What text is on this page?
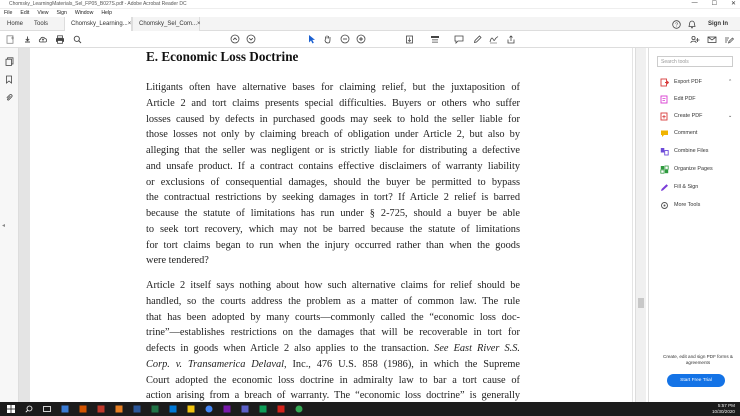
Chomsky_LearningMaterials_Sel_FP05_B027S.pdf - Adobe Acrobat Reader DC	— ☐ ✕
File Edit View Sign Window Help
Home Tools	Chomsky_Learning... × Chomsky_Sel_Com... ×	?	Sign In

◂
E. Economic Loss Doctrine
Litigants often have alternative bases for claiming relief, but the juxtaposition of
Article 2 and tort claims presents special difficulties. Buyers or others who suffer
losses caused by defects in purchased goods may seek to hold the seller liable for
those losses not only by claiming breach of obligation under Article 2, but also by
alleging that the seller was negligent or is strictly liable for distributing a defective
and unsafe product. If a contract contains effective disclaimers of warranty liability
or exclusions of consequential damages, should the buyer be permitted to bypass
the contractual restrictions by seeking damages in tort? If Article 2 relief is barred
because the statute of limitations has run under § 2-725, should a buyer be able
to seek tort recovery, which may not be barred because the statute of limitations
for tort claims began to run when the injury occurred rather than when the goods
were tendered?
Article 2 itself says nothing about how such alternative claims for relief should be
handled, so the courts address the problem as a matter of common law. The rule
that has been adopted by many courts—commonly called the “economic loss doc-
trine”—establishes restrictions on the damages that will be recoverable in tort for
defects in goods when Article 2 also applies to the transaction. See East River S.S.
Corp. v. Transamerica Delaval, Inc., 476 U.S. 858 (1986), in which the Supreme
Court adopted the economic loss doctrine in admiralty law to bar a tort cause of
action arising from a breach of warranty. The “economic loss doctrine” is generally
Search tools
Export PDF	⌃
Edit PDF
Create PDF	⌄
Comment
Combine Files
Organize Pages
Fill & Sign
More Tools
Create, edit and sign PDF forms & agreements
Start Free Trial
5:57 PM
10/30/2020
